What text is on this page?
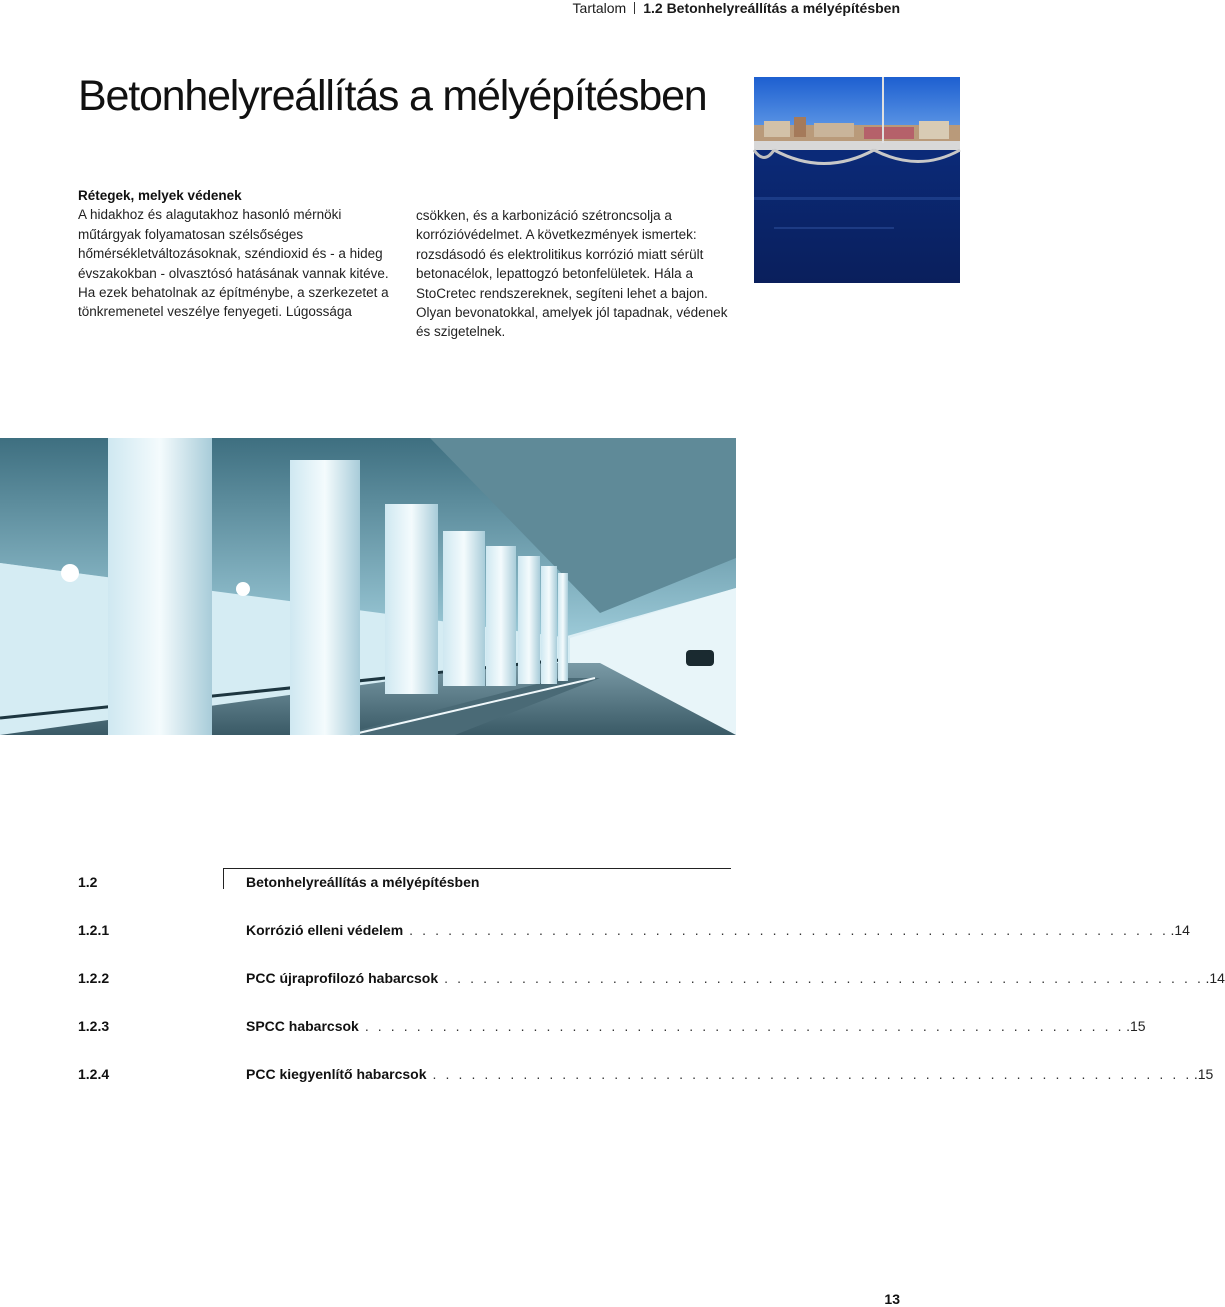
Tartalom 1.2 Betonhelyreállítás a mélyépítésben
Betonhelyreállítás a mélyépítésben

Rétegek, melyek védenek

A hidakhoz és alagutakhoz hasonló mérnöki műtárgyak folyamatosan szélsőséges hőmérsékletváltozásoknak, széndioxid és - a hideg évszakokban - olvasztósó hatásának vannak kitéve. Ha ezek behatolnak az építménybe, a szerkezetet a tönkremenetel veszélye fenyegeti. Lúgossága

csökken, és a karbonizáció szétroncsolja a korrózióvédelmet. A következmények ismertek: rozsdásodó és elektrolitikus korrózió miatt sérült betonacélok, lepattogzó betonfelületek. Hála a StoCretec rendszereknek, segíteni lehet a bajon. Olyan bevonatokkal, amelyek jól tapadnak, védenek és szigetelnek.

1.2	Betonhelyreállítás a mélyépítésben
1.2.1	Korrózió elleni védelem . . . . . . . . . . . . . . . . . . . . . . . . . . . . . . . . . . . . . . . . . . . . . . . . . . . . . . . . . . . .14
1.2.2	PCC újraprofilozó habarcsok . . . . . . . . . . . . . . . . . . . . . . . . . . . . . . . . . . . . . . . . . . . . . . . . . . . . . . . . . . . .14
1.2.3	SPCC habarcsok . . . . . . . . . . . . . . . . . . . . . . . . . . . . . . . . . . . . . . . . . . . . . . . . . . . . . . . . . . . .15
1.2.4	PCC kiegyenlítő habarcsok . . . . . . . . . . . . . . . . . . . . . . . . . . . . . . . . . . . . . . . . . . . . . . . . . . . . . . . . . . . .15
13
